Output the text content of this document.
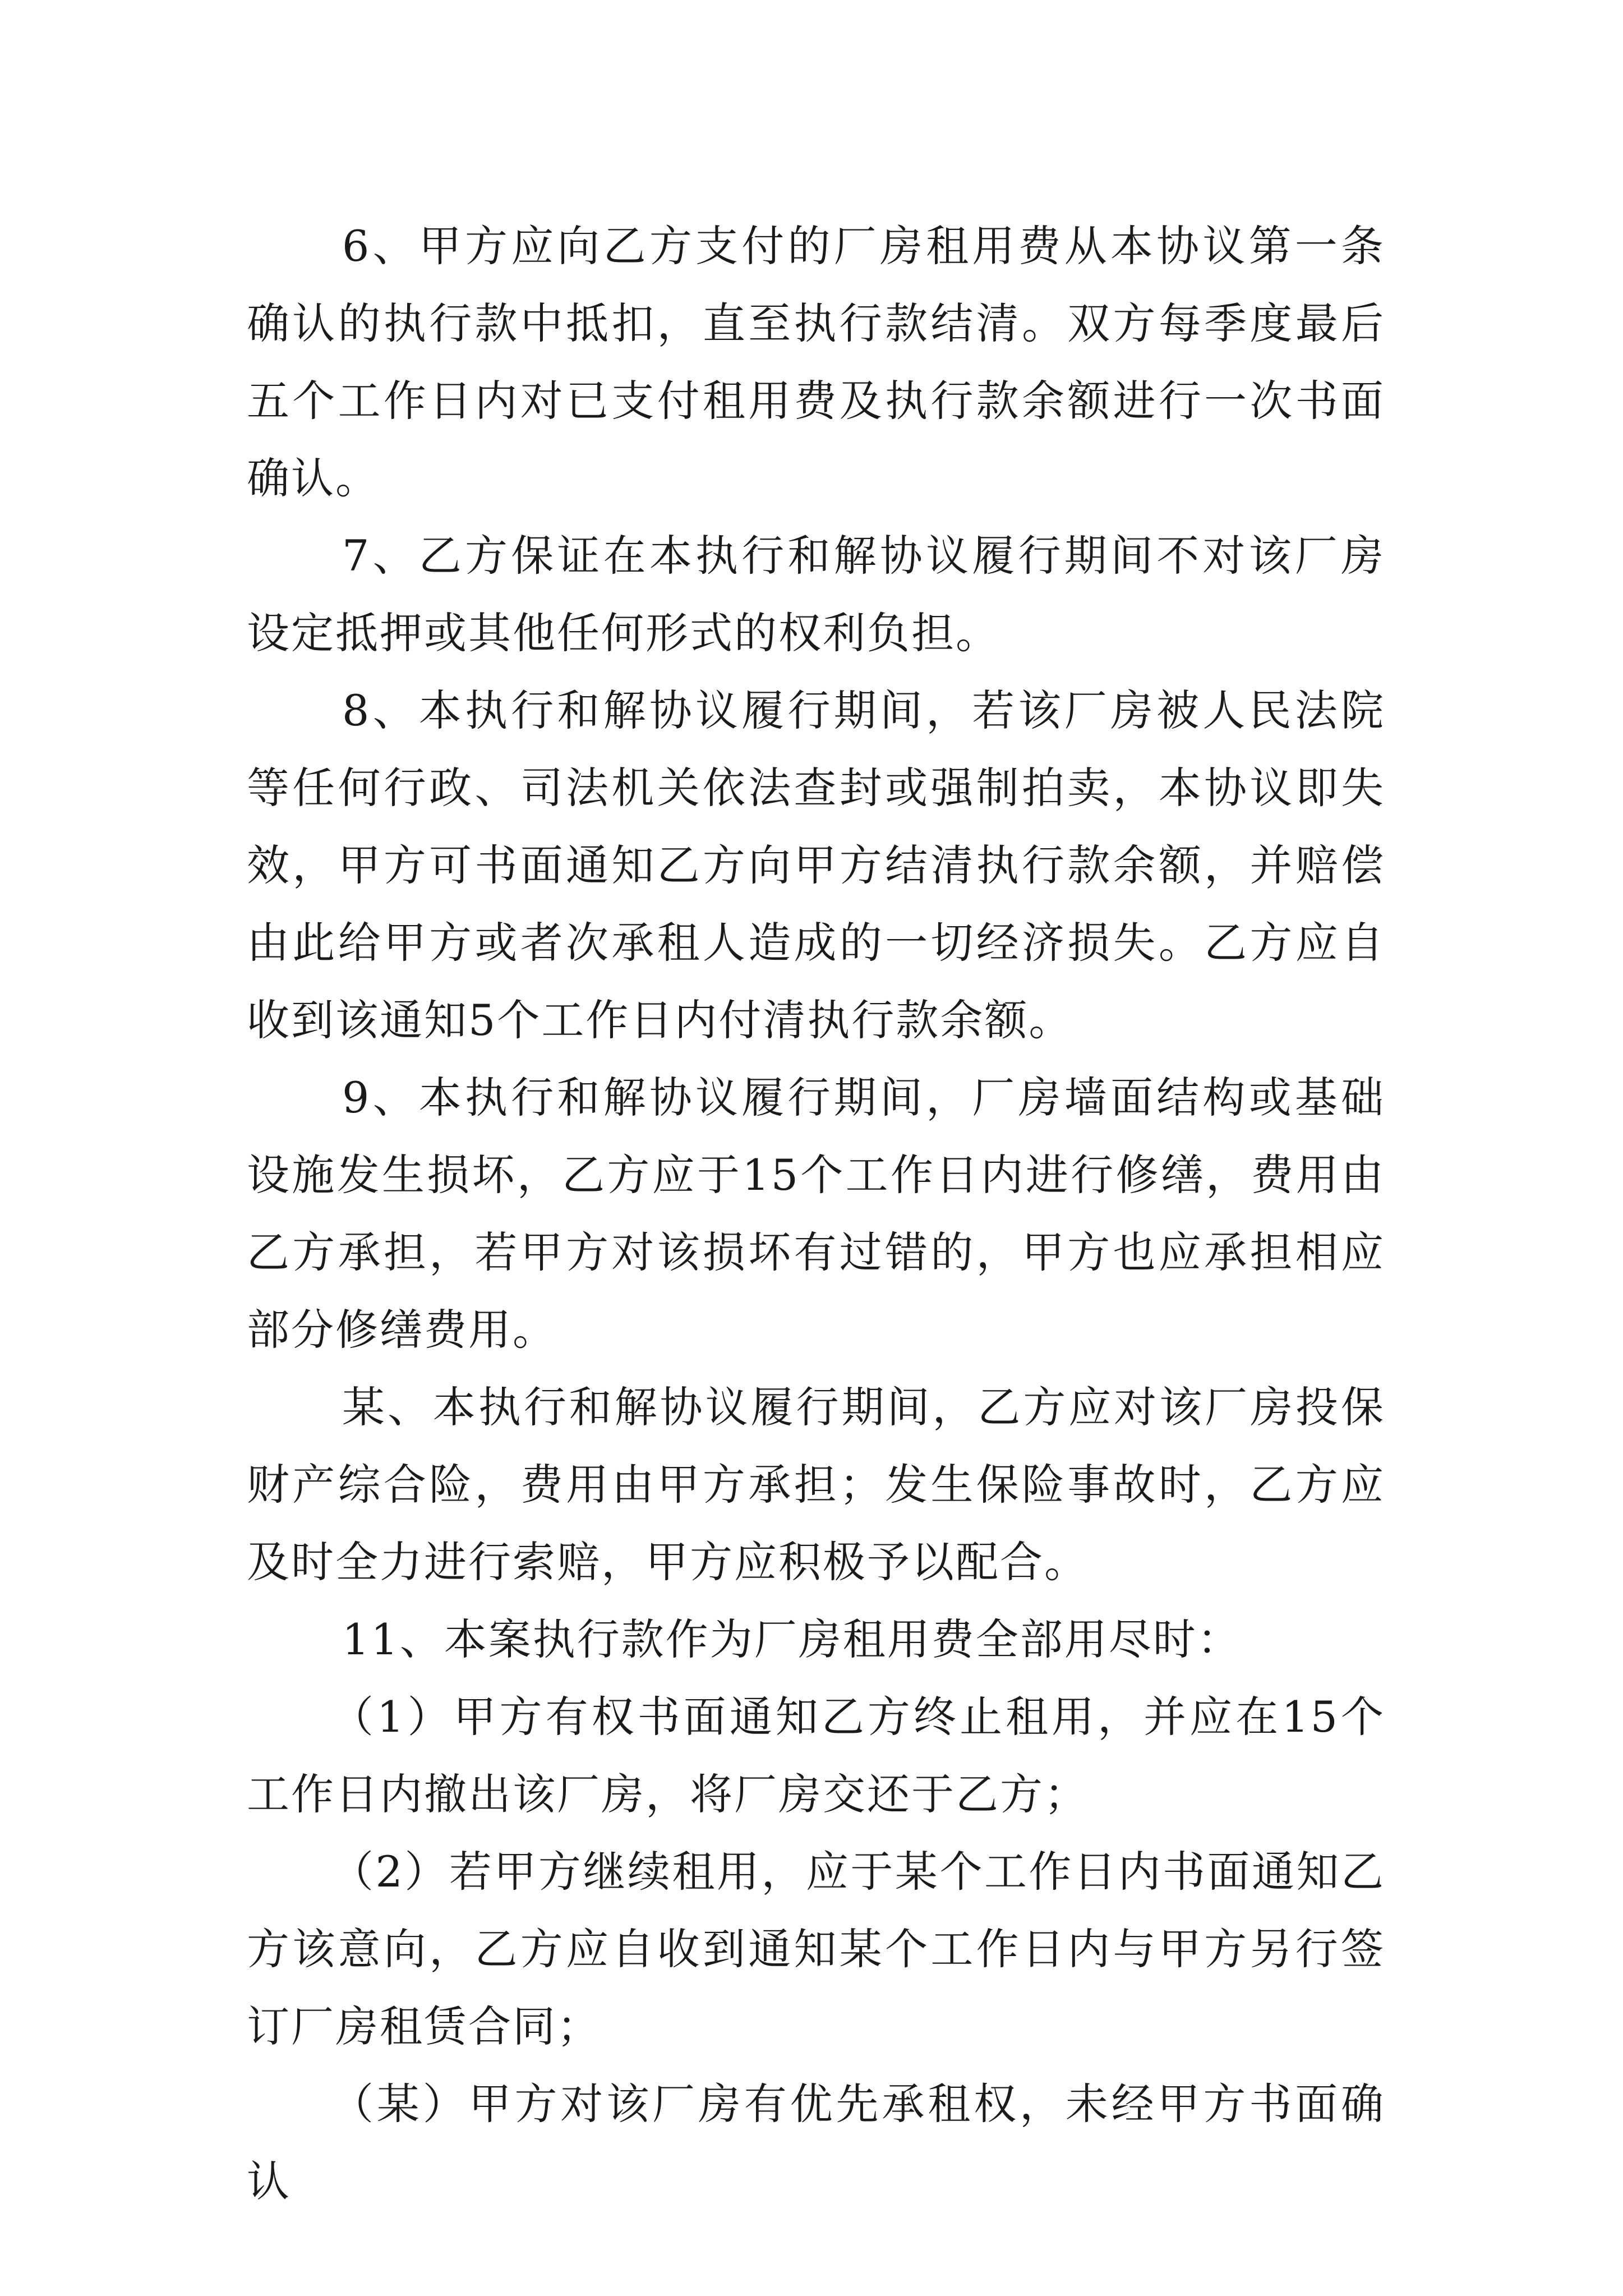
6、甲方应向乙方支付的厂房租用费从本协议第一条确认的执行款中抵扣，直至执行款结清。双方每季度最后五个工作日内对已支付租用费及执行款余额进行一次书面确认。

7、乙方保证在本执行和解协议履行期间不对该厂房设定抵押或其他任何形式的权利负担。

8、本执行和解协议履行期间，若该厂房被人民法院等任何行政、司法机关依法查封或强制拍卖，本协议即失效，甲方可书面通知乙方向甲方结清执行款余额，并赔偿由此给甲方或者次承租人造成的一切经济损失。乙方应自收到该通知5个工作日内付清执行款余额。

9、本执行和解协议履行期间，厂房墙面结构或基础设施发生损坏，乙方应于15个工作日内进行修缮，费用由乙方承担，若甲方对该损坏有过错的，甲方也应承担相应部分修缮费用。

某、本执行和解协议履行期间，乙方应对该厂房投保财产综合险，费用由甲方承担；发生保险事故时，乙方应及时全力进行索赔，甲方应积极予以配合。

11、本案执行款作为厂房租用费全部用尽时：

（1）甲方有权书面通知乙方终止租用，并应在15个工作日内撤出该厂房，将厂房交还于乙方；

（2）若甲方继续租用，应于某个工作日内书面通知乙方该意向，乙方应自收到通知某个工作日内与甲方另行签订厂房租赁合同；

（某）甲方对该厂房有优先承租权，未经甲方书面确认
